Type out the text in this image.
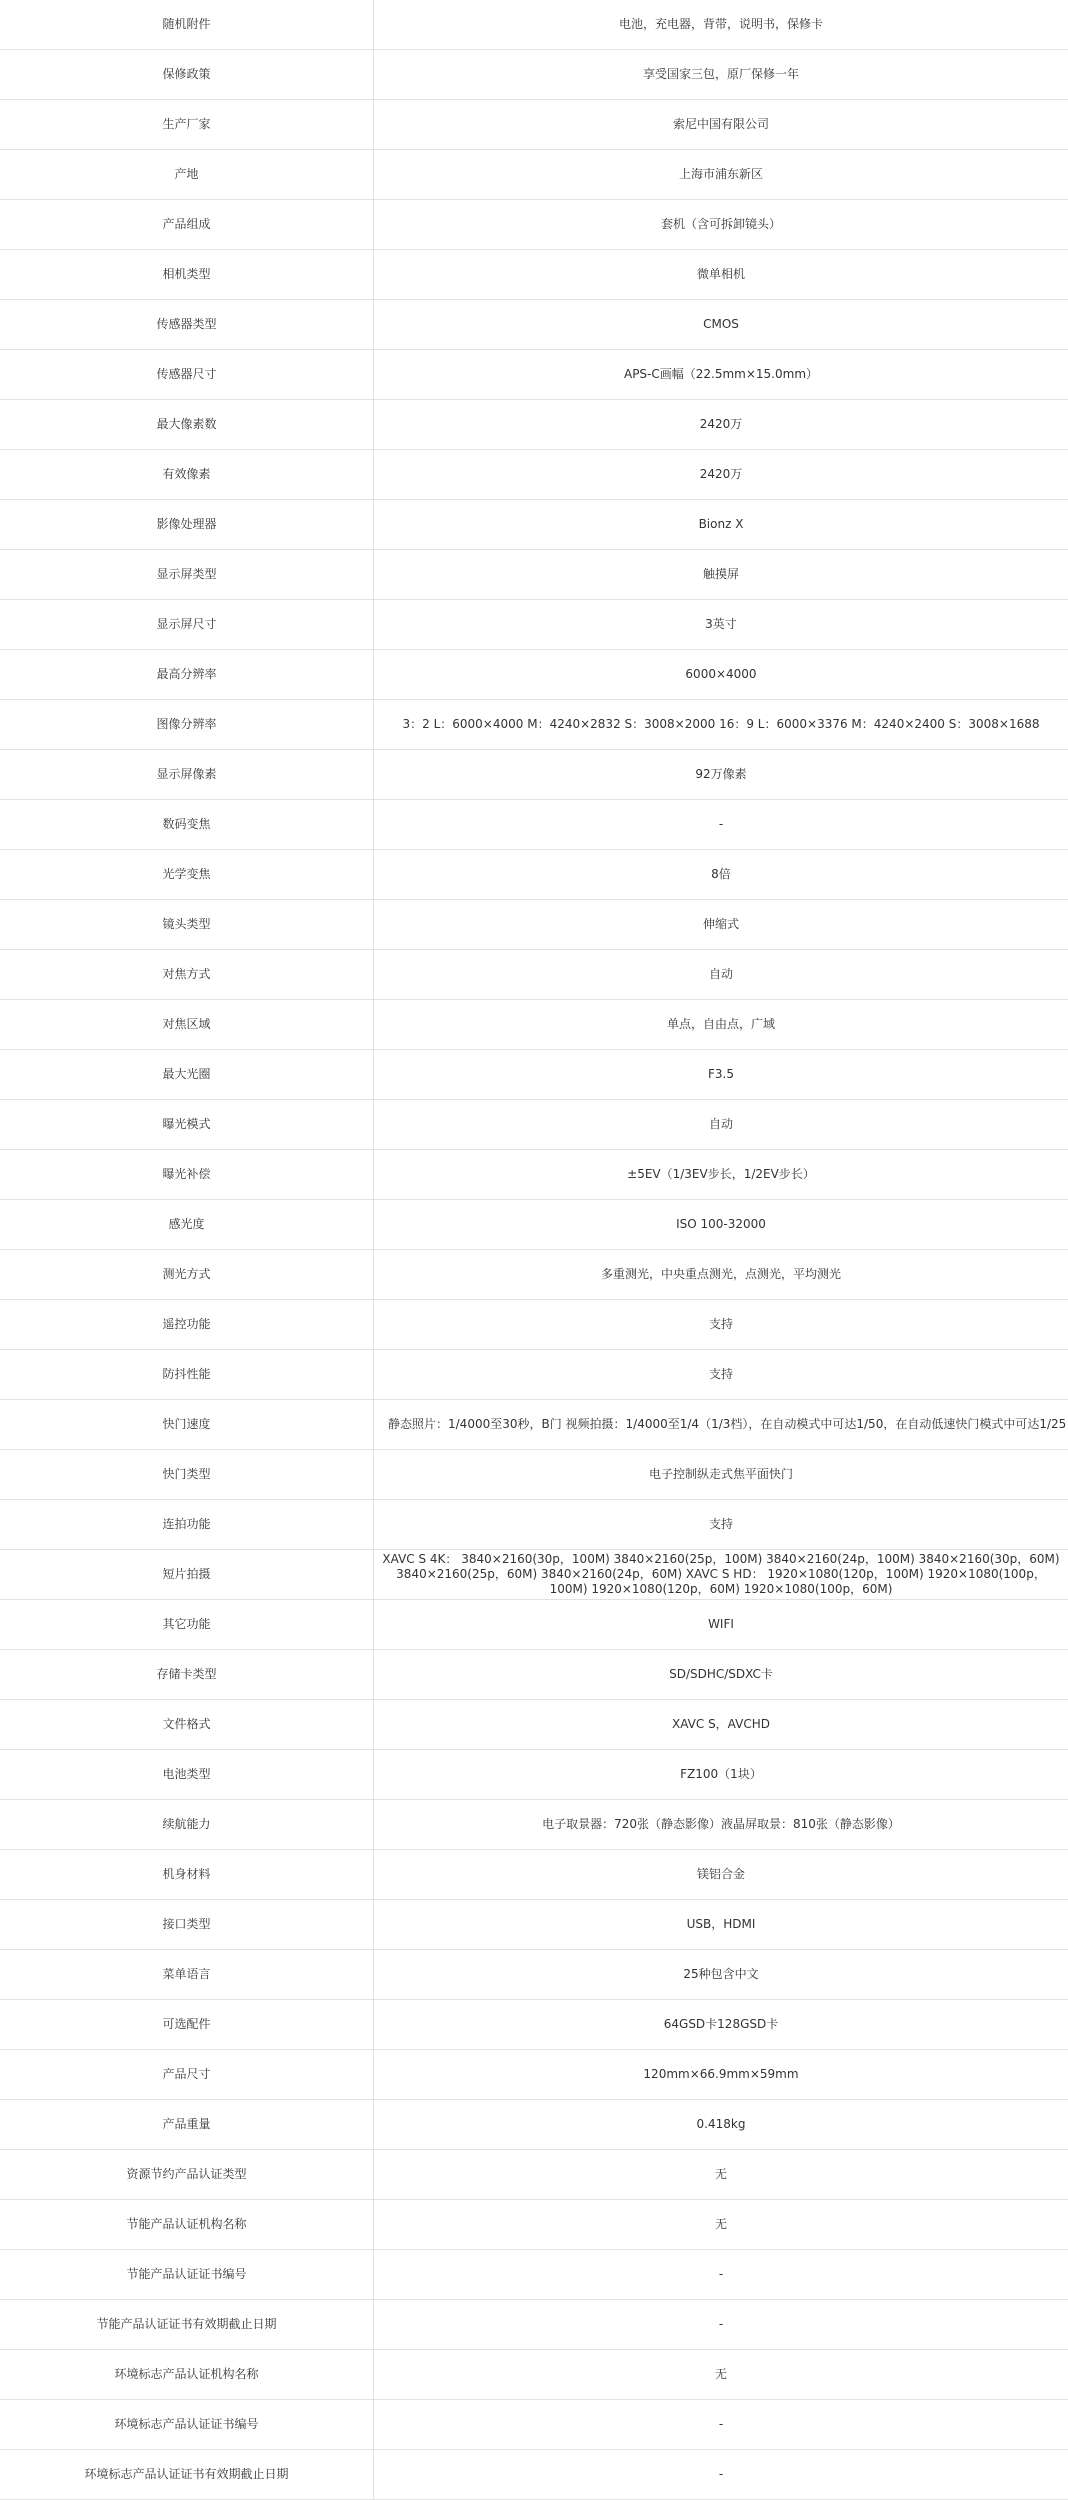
随机附件	电池，充电器，背带，说明书，保修卡
保修政策	享受国家三包，原厂保修一年
生产厂家	索尼中国有限公司
产地	上海市浦东新区
产品组成	套机（含可拆卸镜头）
相机类型	微单相机
传感器类型	CMOS
传感器尺寸	APS-C画幅（22.5mm×15.0mm）
最大像素数	2420万
有效像素	2420万
影像处理器	Bionz X
显示屏类型	触摸屏
显示屏尺寸	3英寸
最高分辨率	6000×4000
图像分辨率	3：2 L：6000×4000 M：4240×2832 S：3008×2000 16：9 L：6000×3376 M：4240×2400 S：3008×1688
显示屏像素	92万像素
数码变焦	-
光学变焦	8倍
镜头类型	伸缩式
对焦方式	自动
对焦区域	单点，自由点，广域
最大光圈	F3.5
曝光模式	自动
曝光补偿	±5EV（1/3EV步长，1/2EV步长）
感光度	ISO 100-32000
测光方式	多重测光，中央重点测光，点测光，平均测光
遥控功能	支持
防抖性能	支持
快门速度	静态照片：1/4000至30秒，B门 视频拍摄：1/4000至1/4（1/3档），在自动模式中可达1/50，在自动低速快门模式中可达1/25
快门类型	电子控制纵走式焦平面快门
连拍功能	支持
短片拍摄	XAVC S 4K： 3840×2160(30p，100M) 3840×2160(25p，100M) 3840×2160(24p，100M) 3840×2160(30p，60M) 3840×2160(25p，60M) 3840×2160(24p，60M) XAVC S HD： 1920×1080(120p，100M) 1920×1080(100p，100M) 1920×1080(120p，60M) 1920×1080(100p，60M)
其它功能	WIFI
存储卡类型	SD/SDHC/SDXC卡
文件格式	XAVC S，AVCHD
电池类型	FZ100（1块）
续航能力	电子取景器：720张（静态影像）液晶屏取景：810张（静态影像）
机身材料	镁铝合金
接口类型	USB，HDMI
菜单语言	25种包含中文
可选配件	64GSD卡128GSD卡
产品尺寸	120mm×66.9mm×59mm
产品重量	0.418kg
资源节约产品认证类型	无
节能产品认证机构名称	无
节能产品认证证书编号	-
节能产品认证证书有效期截止日期	-
环境标志产品认证机构名称	无
环境标志产品认证证书编号	-
环境标志产品认证证书有效期截止日期	-
